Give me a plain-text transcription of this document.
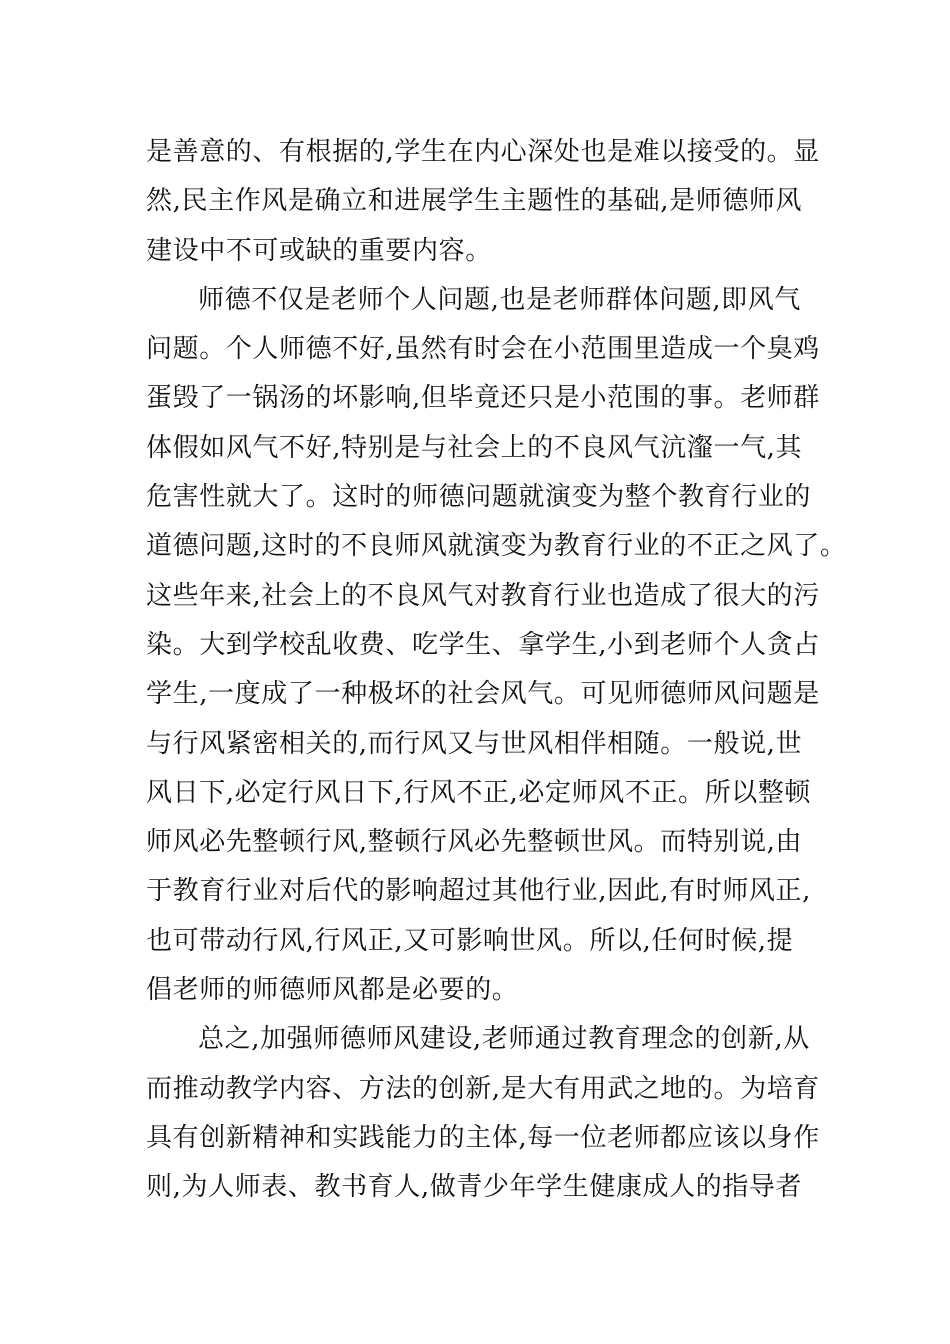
是善意的、有根据的,学生在内心深处也是难以接受的。显
然,民主作风是确立和进展学生主题性的基础,是师德师风
建设中不可或缺的重要内容。
师德不仅是老师个人问题,也是老师群体问题,即风气
问题。个人师德不好,虽然有时会在小范围里造成一个臭鸡
蛋毁了一锅汤的坏影响,但毕竟还只是小范围的事。老师群
体假如风气不好,特别是与社会上的不良风气沆瀣一气,其
危害性就大了。这时的师德问题就演变为整个教育行业的
道德问题,这时的不良师风就演变为教育行业的不正之风了。
这些年来,社会上的不良风气对教育行业也造成了很大的污
染。大到学校乱收费、吃学生、拿学生,小到老师个人贪占
学生,一度成了一种极坏的社会风气。可见师德师风问题是
与行风紧密相关的,而行风又与世风相伴相随。一般说,世
风日下,必定行风日下,行风不正,必定师风不正。所以整顿
师风必先整顿行风,整顿行风必先整顿世风。而特别说,由
于教育行业对后代的影响超过其他行业,因此,有时师风正,
也可带动行风,行风正,又可影响世风。所以,任何时候,提
倡老师的师德师风都是必要的。
总之,加强师德师风建设,老师通过教育理念的创新,从
而推动教学内容、方法的创新,是大有用武之地的。为培育
具有创新精神和实践能力的主体,每一位老师都应该以身作
则,为人师表、教书育人,做青少年学生健康成人的指导者
